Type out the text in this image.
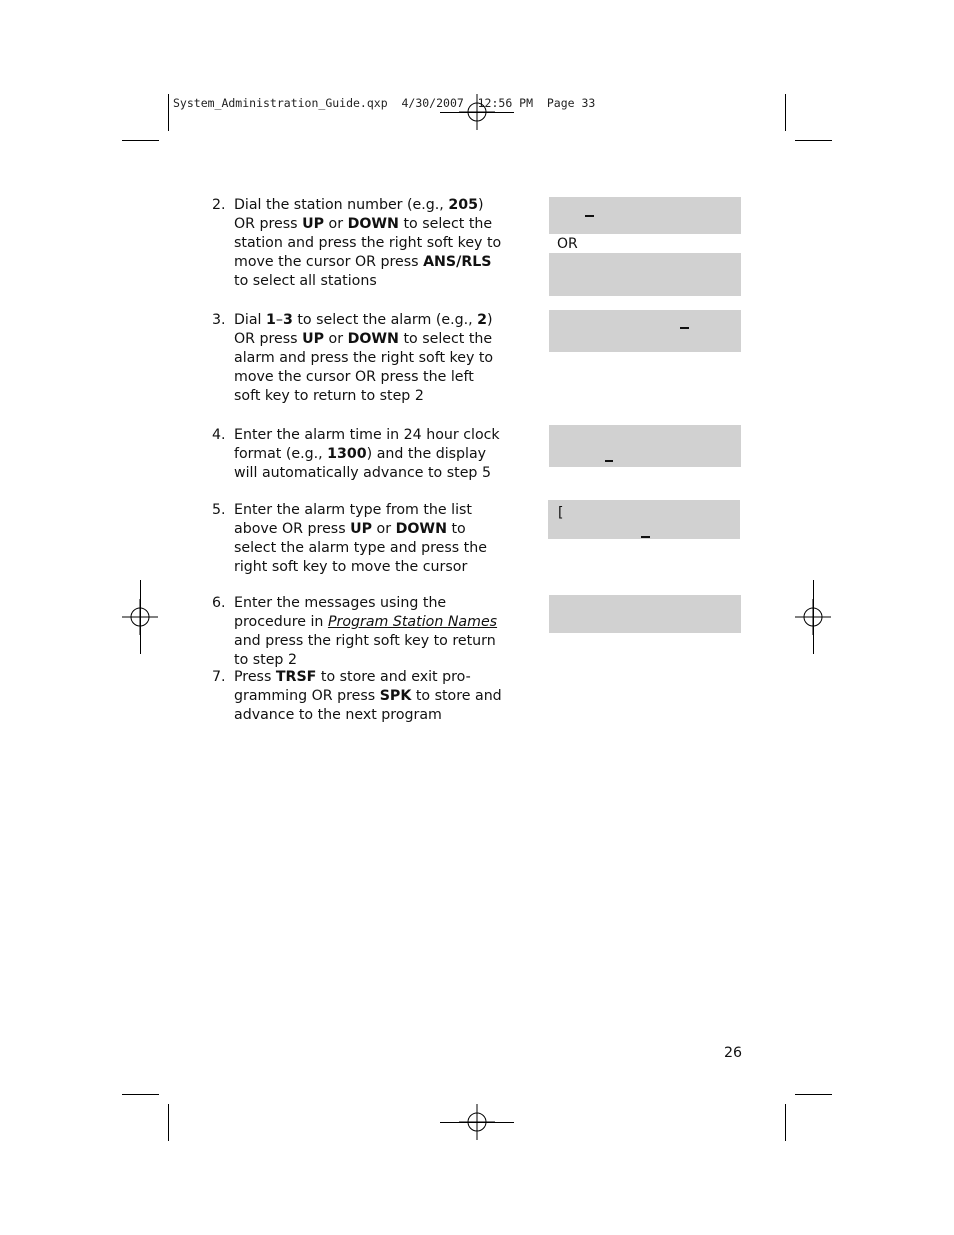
System_Administration_Guide.qxp  4/30/2007  12:56 PM  Page 33
2. Dial the station number (e.g., 205) OR press UP or DOWN to select the station and press the right soft key to move the cursor OR press ANS/RLS to select all stations
3. Dial 1–3 to select the alarm (e.g., 2) OR press UP or DOWN to select the alarm and press the right soft key to move the cursor OR press the left soft key to return to step 2
4. Enter the alarm time in 24 hour clock format (e.g., 1300) and the display will automatically advance to step 5
5. Enter the alarm type from the list above OR press UP or DOWN to select the alarm type and press the right soft key to move the cursor
6. Enter the messages using the procedure in Program Station Names and press the right soft key to return to step 2
7. Press TRSF to store and exit pro-gramming OR press SPK to store and advance to the next program
OR
[
26
